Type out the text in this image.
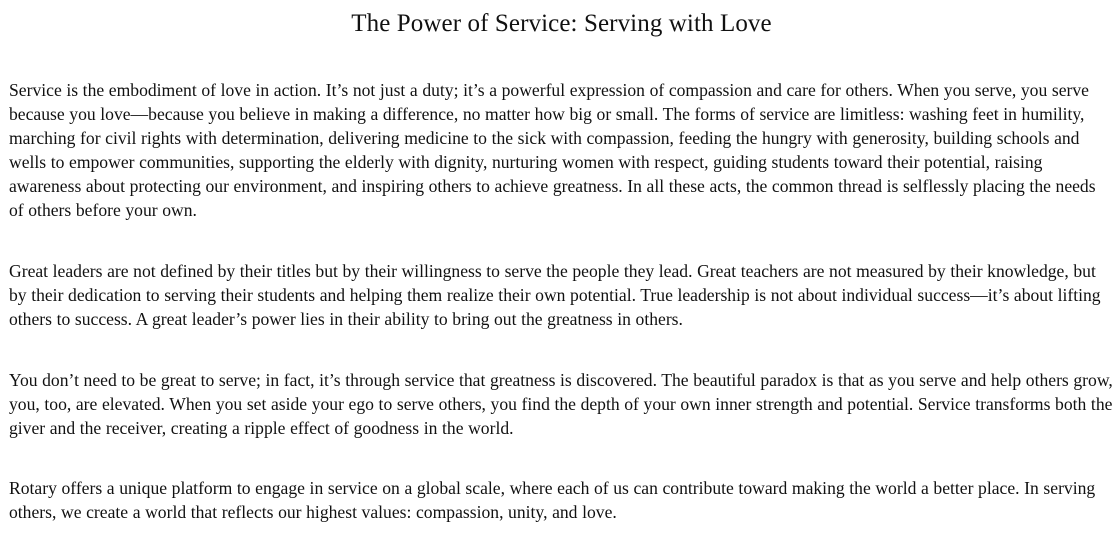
The Power of Service: Serving with Love

Service is the embodiment of love in action. It’s not just a duty; it’s a powerful expression of compassion and care for others. When you serve, you serve because you love—because you believe in making a difference, no matter how big or small. The forms of service are limitless: washing feet in humility, marching for civil rights with determination, delivering medicine to the sick with compassion, feeding the hungry with generosity, building schools and wells to empower communities, supporting the elderly with dignity, nurturing women with respect, guiding students toward their potential, raising awareness about protecting our environment, and inspiring others to achieve greatness. In all these acts, the common thread is selflessly placing the needs of others before your own.

Great leaders are not defined by their titles but by their willingness to serve the people they lead. Great teachers are not measured by their knowledge, but by their dedication to serving their students and helping them realize their own potential. True leadership is not about individual success—it’s about lifting others to success. A great leader’s power lies in their ability to bring out the greatness in others.

You don’t need to be great to serve; in fact, it’s through service that greatness is discovered. The beautiful paradox is that as you serve and help others grow, you, too, are elevated. When you set aside your ego to serve others, you find the depth of your own inner strength and potential. Service transforms both the giver and the receiver, creating a ripple effect of goodness in the world.

Rotary offers a unique platform to engage in service on a global scale, where each of us can contribute toward making the world a better place. In serving others, we create a world that reflects our highest values: compassion, unity, and love.
